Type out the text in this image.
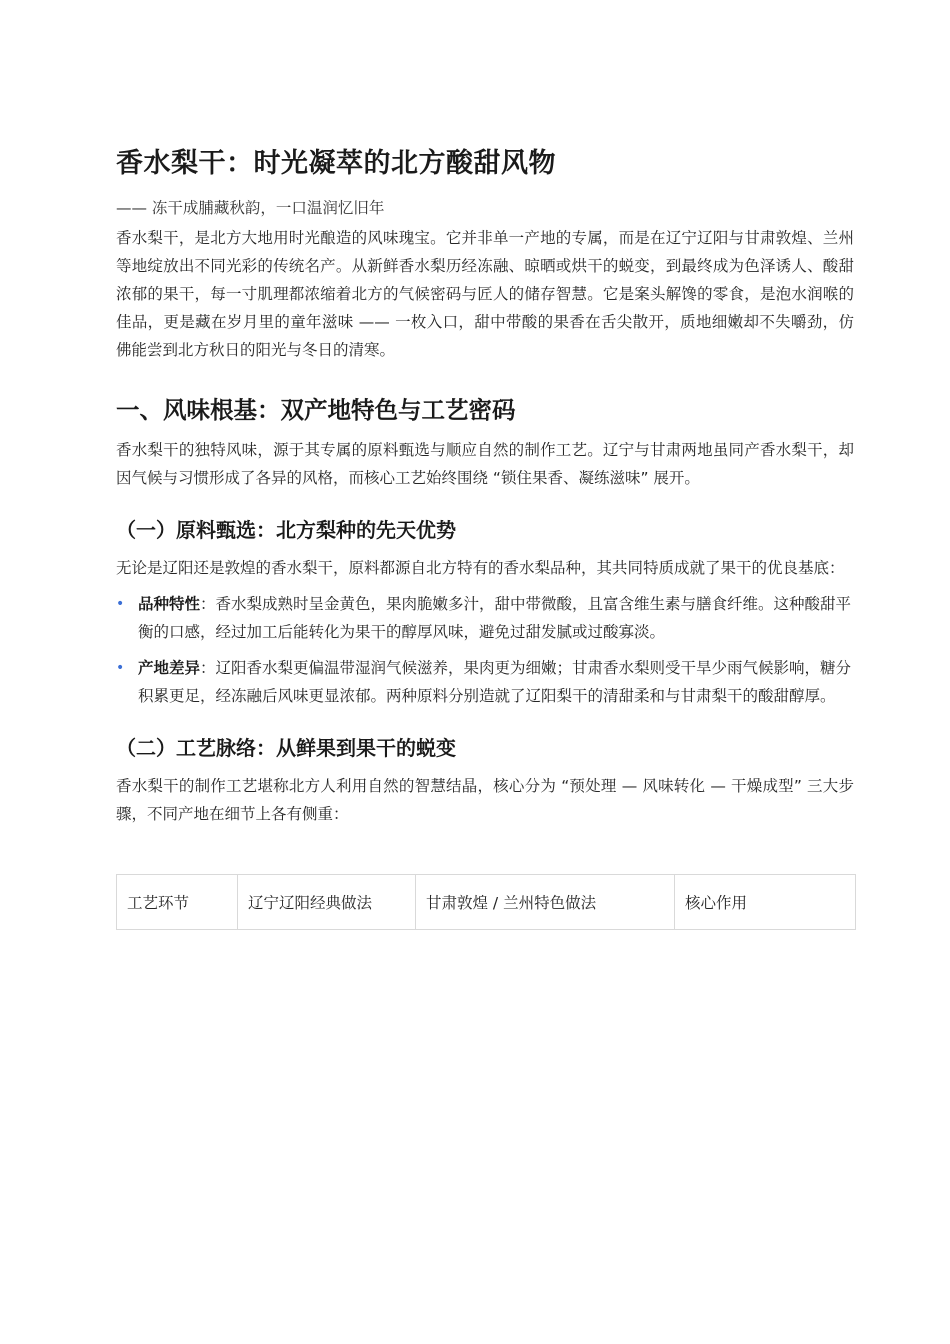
香水梨干：时光凝萃的北方酸甜风物
—— 冻干成脯藏秋韵，一口温润忆旧年

香水梨干，是北方大地用时光酿造的风味瑰宝。它并非单一产地的专属，而是在辽宁辽阳与甘肃敦煌、兰州等地绽放出不同光彩的传统名产。从新鲜香水梨历经冻融、晾晒或烘干的蜕变，到最终成为色泽诱人、酸甜浓郁的果干，每一寸肌理都浓缩着北方的气候密码与匠人的储存智慧。它是案头解馋的零食，是泡水润喉的佳品，更是藏在岁月里的童年滋味 —— 一枚入口，甜中带酸的果香在舌尖散开，质地细嫩却不失嚼劲，仿佛能尝到北方秋日的阳光与冬日的清寒。

一、风味根基：双产地特色与工艺密码

香水梨干的独特风味，源于其专属的原料甄选与顺应自然的制作工艺。辽宁与甘肃两地虽同产香水梨干，却因气候与习惯形成了各异的风格，而核心工艺始终围绕 “锁住果香、凝练滋味” 展开。

（一）原料甄选：北方梨种的先天优势

无论是辽阳还是敦煌的香水梨干，原料都源自北方特有的香水梨品种，其共同特质成就了果干的优良基底：

• 品种特性：香水梨成熟时呈金黄色，果肉脆嫩多汁，甜中带微酸，且富含维生素与膳食纤维。这种酸甜平衡的口感，经过加工后能转化为果干的醇厚风味，避免过甜发腻或过酸寡淡。
• 产地差异：辽阳香水梨更偏温带湿润气候滋养，果肉更为细嫩；甘肃香水梨则受干旱少雨气候影响，糖分积累更足，经冻融后风味更显浓郁。两种原料分别造就了辽阳梨干的清甜柔和与甘肃梨干的酸甜醇厚。
（二）工艺脉络：从鲜果到果干的蜕变

香水梨干的制作工艺堪称北方人利用自然的智慧结晶，核心分为 “预处理 — 风味转化 — 干燥成型” 三大步骤，不同产地在细节上各有侧重：

工艺环节	辽宁辽阳经典做法	甘肃敦煌 / 兰州特色做法	核心作用
